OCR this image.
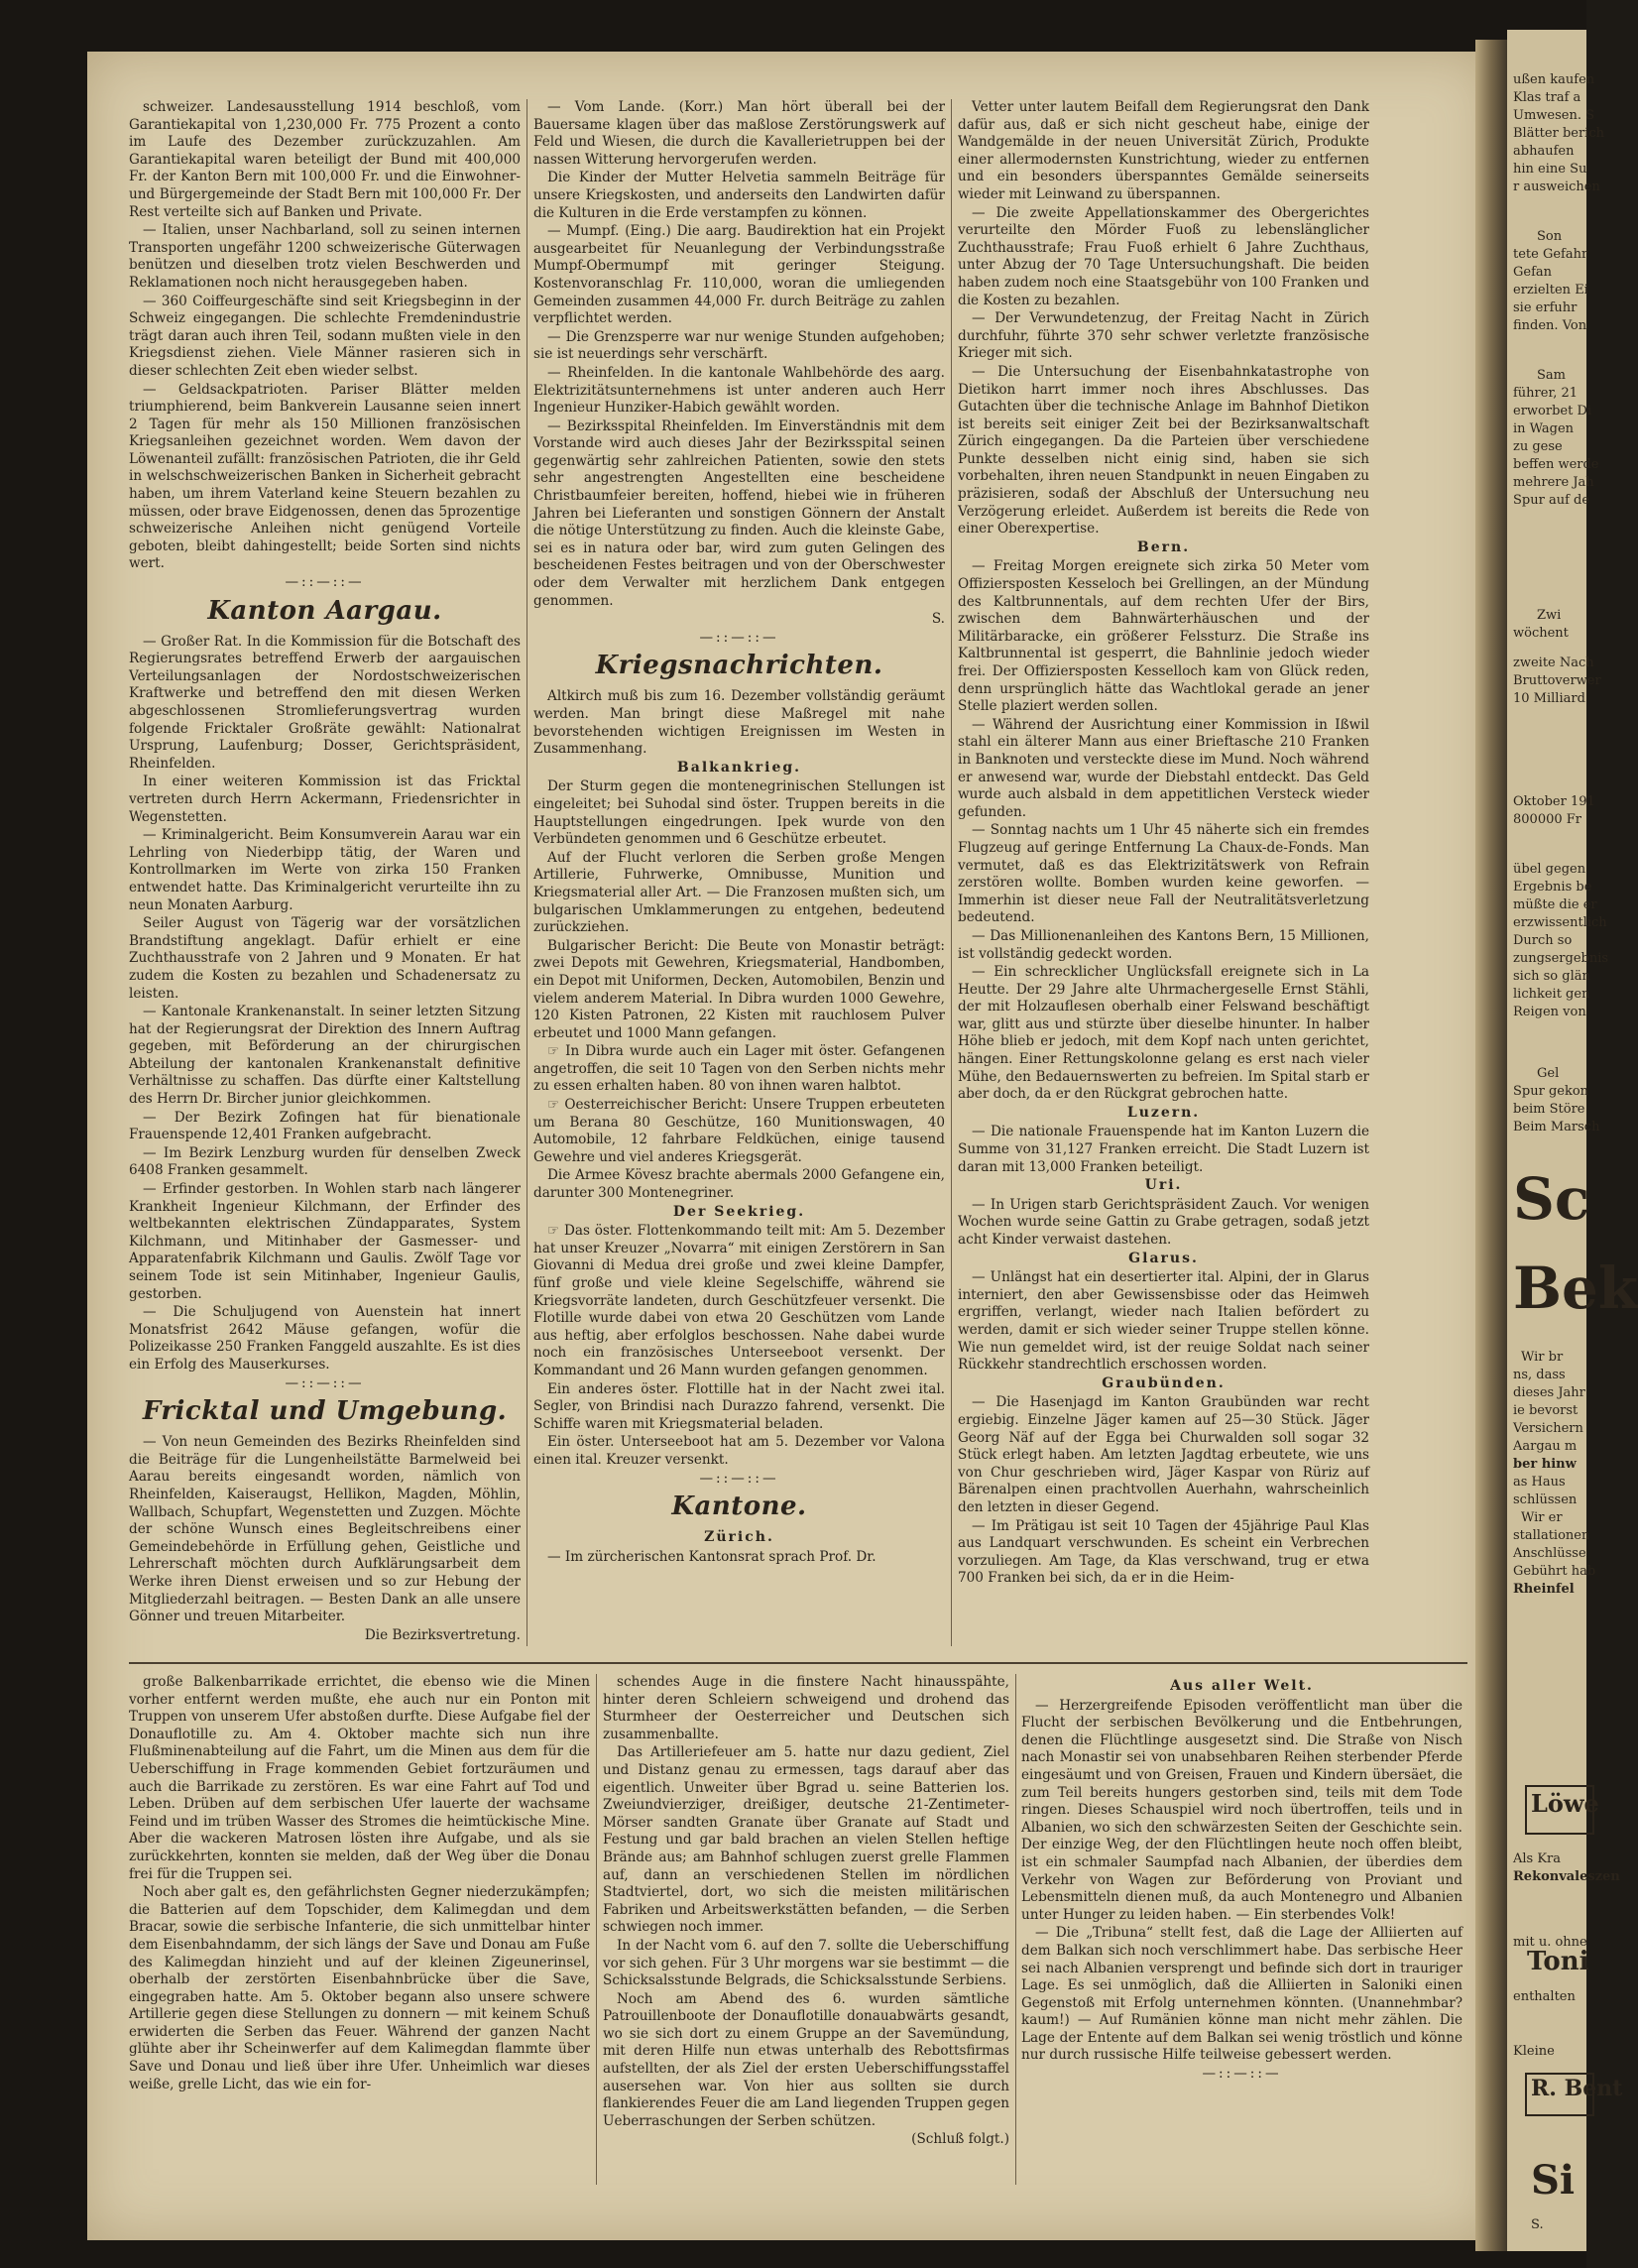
ußen kaufen
Klas traf a
Umwesen. S
Blätter berich
abhaufen
hin eine Su
r ausweichen
Son
tete Gefahr
Gefan
erzielten Ei
sie erfuhr
finden. Von
Sam
führer, 21
erworbet Di
in Wagen
zu gese
beffen werde
mehrere Jah
Spur auf de
Zwi
wöchent
zweite Nach
Bruttoverwer
10 Milliard
Oktober 191
800000 Fr
übel gegen
Ergebnis be
müßte die er
erzwissentlich
Durch so
zungsergebnis
sich so glän
lichkeit gen
Reigen von
Gel
Spur gekon
beim Störe
Beim Marsch
Sc
Bek
Wir br
ns, dass
dieses Jahr
ie bevorst
Versichern
Aargau m
ber hinw
as Haus
schlüssen
Wir er
stallationen
Anschlüsse
Gebührt hab
Rheinfel
Löwe
Als Kra
Rekonvaleszen
mit u. ohne
Toni
enthalten
Kleine
R. Bent
Si
S.

schweizer. Landesausstellung 1914 beschloß, vom Garantiekapital von 1,230,000 Fr. 775 Prozent a conto im Laufe des Dezember zurückzuzahlen. Am Garantiekapital waren beteiligt der Bund mit 400,000 Fr. der Kanton Bern mit 100,000 Fr. und die Einwohner- und Bürgergemeinde der Stadt Bern mit 100,000 Fr. Der Rest verteilte sich auf Banken und Private.

— Italien, unser Nachbarland, soll zu seinen internen Transporten ungefähr 1200 schweizerische Güterwagen benützen und dieselben trotz vielen Beschwerden und Reklamationen noch nicht herausgegeben haben.

— 360 Coiffeurgeschäfte sind seit Kriegsbeginn in der Schweiz eingegangen. Die schlechte Fremdenindustrie trägt daran auch ihren Teil, sodann mußten viele in den Kriegsdienst ziehen. Viele Männer rasieren sich in dieser schlechten Zeit eben wieder selbst.

— Geldsackpatrioten. Pariser Blätter melden triumphierend, beim Bankverein Lausanne seien innert 2 Tagen für mehr als 150 Millionen französischen Kriegsanleihen gezeichnet worden. Wem davon der Löwenanteil zufällt: französischen Patrioten, die ihr Geld in welschschweizerischen Banken in Sicherheit gebracht haben, um ihrem Vaterland keine Steuern bezahlen zu müssen, oder brave Eidgenossen, denen das 5prozentige schweizerische Anleihen nicht genügend Vorteile geboten, bleibt dahingestellt; beide Sorten sind nichts wert.

—::—::—

Kanton Aargau.

— Großer Rat. In die Kommission für die Botschaft des Regierungsrates betreffend Erwerb der aargauischen Verteilungsanlagen der Nordostschweizerischen Kraftwerke und betreffend den mit diesen Werken abgeschlossenen Stromlieferungsvertrag wurden folgende Fricktaler Großräte gewählt: Nationalrat Ursprung, Laufenburg; Dosser, Gerichtspräsident, Rheinfelden.

In einer weiteren Kommission ist das Fricktal vertreten durch Herrn Ackermann, Friedensrichter in Wegenstetten.

— Kriminalgericht. Beim Konsumverein Aarau war ein Lehrling von Niederbipp tätig, der Waren und Kontrollmarken im Werte von zirka 150 Franken entwendet hatte. Das Kriminalgericht verurteilte ihn zu neun Monaten Aarburg.

Seiler August von Tägerig war der vorsätzlichen Brandstiftung angeklagt. Dafür erhielt er eine Zuchthausstrafe von 2 Jahren und 9 Monaten. Er hat zudem die Kosten zu bezahlen und Schadenersatz zu leisten.

— Kantonale Krankenanstalt. In seiner letzten Sitzung hat der Regierungsrat der Direktion des Innern Auftrag gegeben, mit Beförderung an der chirurgischen Abteilung der kantonalen Krankenanstalt definitive Verhältnisse zu schaffen. Das dürfte einer Kaltstellung des Herrn Dr. Bircher junior gleichkommen.

— Der Bezirk Zofingen hat für bienationale Frauenspende 12,401 Franken aufgebracht.

— Im Bezirk Lenzburg wurden für denselben Zweck 6408 Franken gesammelt.

— Erfinder gestorben. In Wohlen starb nach längerer Krankheit Ingenieur Kilchmann, der Erfinder des weltbekannten elektrischen Zündapparates, System Kilchmann, und Mitinhaber der Gasmesser- und Apparatenfabrik Kilchmann und Gaulis. Zwölf Tage vor seinem Tode ist sein Mitinhaber, Ingenieur Gaulis, gestorben.

— Die Schuljugend von Auenstein hat innert Monatsfrist 2642 Mäuse gefangen, wofür die Polizeikasse 250 Franken Fanggeld auszahlte. Es ist dies ein Erfolg des Mauserkurses.

—::—::—

Fricktal und Umgebung.

— Von neun Gemeinden des Bezirks Rheinfelden sind die Beiträge für die Lungenheilstätte Barmelweid bei Aarau bereits eingesandt worden, nämlich von Rheinfelden, Kaiseraugst, Hellikon, Magden, Möhlin, Wallbach, Schupfart, Wegenstetten und Zuzgen. Möchte der schöne Wunsch eines Begleitschreibens einer Gemeindebehörde in Erfüllung gehen, Geistliche und Lehrerschaft möchten durch Aufklärungsarbeit dem Werke ihren Dienst erweisen und so zur Hebung der Mitgliederzahl beitragen. — Besten Dank an alle unsere Gönner und treuen Mitarbeiter.

Die Bezirksvertretung.

— Vom Lande. (Korr.) Man hört überall bei der Bauersame klagen über das maßlose Zerstörungswerk auf Feld und Wiesen, die durch die Kavallerietruppen bei der nassen Witterung hervorgerufen werden.

Die Kinder der Mutter Helvetia sammeln Beiträge für unsere Kriegskosten, und anderseits den Landwirten dafür die Kulturen in die Erde verstampfen zu können.

— Mumpf. (Eing.) Die aarg. Baudirektion hat ein Projekt ausgearbeitet für Neuanlegung der Verbindungsstraße Mumpf-Obermumpf mit geringer Steigung. Kostenvoranschlag Fr. 110,000, woran die umliegenden Gemeinden zusammen 44,000 Fr. durch Beiträge zu zahlen verpflichtet werden.

— Die Grenzsperre war nur wenige Stunden aufgehoben; sie ist neuerdings sehr verschärft.

— Rheinfelden. In die kantonale Wahlbehörde des aarg. Elektrizitätsunternehmens ist unter anderen auch Herr Ingenieur Hunziker-Habich gewählt worden.

— Bezirksspital Rheinfelden. Im Einverständnis mit dem Vorstande wird auch dieses Jahr der Bezirksspital seinen gegenwärtig sehr zahlreichen Patienten, sowie den stets sehr angestrengten Angestellten eine bescheidene Christbaumfeier bereiten, hoffend, hiebei wie in früheren Jahren bei Lieferanten und sonstigen Gönnern der Anstalt die nötige Unterstützung zu finden. Auch die kleinste Gabe, sei es in natura oder bar, wird zum guten Gelingen des bescheidenen Festes beitragen und von der Oberschwester oder dem Verwalter mit herzlichem Dank entgegen genommen.

S.

—::—::—

Kriegsnachrichten.

Altkirch muß bis zum 16. Dezember vollständig geräumt werden. Man bringt diese Maßregel mit nahe bevorstehenden wichtigen Ereignissen im Westen in Zusammenhang.

Balkankrieg.

Der Sturm gegen die montenegrinischen Stellungen ist eingeleitet; bei Suhodal sind öster. Truppen bereits in die Hauptstellungen eingedrungen. Ipek wurde von den Verbündeten genommen und 6 Geschütze erbeutet.

Auf der Flucht verloren die Serben große Mengen Artillerie, Fuhrwerke, Omnibusse, Munition und Kriegsmaterial aller Art. — Die Franzosen mußten sich, um bulgarischen Umklammerungen zu entgehen, bedeutend zurückziehen.

Bulgarischer Bericht: Die Beute von Monastir beträgt: zwei Depots mit Gewehren, Kriegsmaterial, Handbomben, ein Depot mit Uniformen, Decken, Automobilen, Benzin und vielem anderem Material. In Dibra wurden 1000 Gewehre, 120 Kisten Patronen, 22 Kisten mit rauchlosem Pulver erbeutet und 1000 Mann gefangen.

☞ In Dibra wurde auch ein Lager mit öster. Gefangenen angetroffen, die seit 10 Tagen von den Serben nichts mehr zu essen erhalten haben. 80 von ihnen waren halbtot.

☞ Oesterreichischer Bericht: Unsere Truppen erbeuteten um Berana 80 Geschütze, 160 Munitionswagen, 40 Automobile, 12 fahrbare Feldküchen, einige tausend Gewehre und viel anderes Kriegsgerät.

Die Armee Kövesz brachte abermals 2000 Gefangene ein, darunter 300 Montenegriner.

Der Seekrieg.

☞ Das öster. Flottenkommando teilt mit: Am 5. Dezember hat unser Kreuzer „Novarra“ mit einigen Zerstörern in San Giovanni di Medua drei große und zwei kleine Dampfer, fünf große und viele kleine Segelschiffe, während sie Kriegsvorräte landeten, durch Geschützfeuer versenkt. Die Flotille wurde dabei von etwa 20 Geschützen vom Lande aus heftig, aber erfolglos beschossen. Nahe dabei wurde noch ein französisches Unterseeboot versenkt. Der Kommandant und 26 Mann wurden gefangen genommen.

Ein anderes öster. Flottille hat in der Nacht zwei ital. Segler, von Brindisi nach Durazzo fahrend, versenkt. Die Schiffe waren mit Kriegsmaterial beladen.

Ein öster. Unterseeboot hat am 5. Dezember vor Valona einen ital. Kreuzer versenkt.

—::—::—

Kantone.

Zürich.

— Im zürcherischen Kantonsrat sprach Prof. Dr.

Vetter unter lautem Beifall dem Regierungsrat den Dank dafür aus, daß er sich nicht gescheut habe, einige der Wandgemälde in der neuen Universität Zürich, Produkte einer allermodernsten Kunstrichtung, wieder zu entfernen und ein besonders überspanntes Gemälde seinerseits wieder mit Leinwand zu überspannen.

— Die zweite Appellationskammer des Obergerichtes verurteilte den Mörder Fuoß zu lebenslänglicher Zuchthausstrafe; Frau Fuoß erhielt 6 Jahre Zuchthaus, unter Abzug der 70 Tage Untersuchungshaft. Die beiden haben zudem noch eine Staatsgebühr von 100 Franken und die Kosten zu bezahlen.

— Der Verwundetenzug, der Freitag Nacht in Zürich durchfuhr, führte 370 sehr schwer verletzte französische Krieger mit sich.

— Die Untersuchung der Eisenbahnkatastrophe von Dietikon harrt immer noch ihres Abschlusses. Das Gutachten über die technische Anlage im Bahnhof Dietikon ist bereits seit einiger Zeit bei der Bezirksanwaltschaft Zürich eingegangen. Da die Parteien über verschiedene Punkte desselben nicht einig sind, haben sie sich vorbehalten, ihren neuen Standpunkt in neuen Eingaben zu präzisieren, sodaß der Abschluß der Untersuchung neu Verzögerung erleidet. Außerdem ist bereits die Rede von einer Oberexpertise.

Bern.

— Freitag Morgen ereignete sich zirka 50 Meter vom Offiziersposten Kesseloch bei Grellingen, an der Mündung des Kaltbrunnentals, auf dem rechten Ufer der Birs, zwischen dem Bahnwärterhäuschen und der Militärbaracke, ein größerer Felssturz. Die Straße ins Kaltbrunnental ist gesperrt, die Bahnlinie jedoch wieder frei. Der Offiziersposten Kesselloch kam von Glück reden, denn ursprünglich hätte das Wachtlokal gerade an jener Stelle plaziert werden sollen.

— Während der Ausrichtung einer Kommission in Ißwil stahl ein älterer Mann aus einer Brieftasche 210 Franken in Banknoten und versteckte diese im Mund. Noch während er anwesend war, wurde der Diebstahl entdeckt. Das Geld wurde auch alsbald in dem appetitlichen Versteck wieder gefunden.

— Sonntag nachts um 1 Uhr 45 näherte sich ein fremdes Flugzeug auf geringe Entfernung La Chaux-de-Fonds. Man vermutet, daß es das Elektrizitätswerk von Refrain zerstören wollte. Bomben wurden keine geworfen. — Immerhin ist dieser neue Fall der Neutralitätsverletzung bedeutend.

— Das Millionenanleihen des Kantons Bern, 15 Millionen, ist vollständig gedeckt worden.

— Ein schrecklicher Unglücksfall ereignete sich in La Heutte. Der 29 Jahre alte Uhrmachergeselle Ernst Stähli, der mit Holzauflesen oberhalb einer Felswand beschäftigt war, glitt aus und stürzte über dieselbe hinunter. In halber Höhe blieb er jedoch, mit dem Kopf nach unten gerichtet, hängen. Einer Rettungskolonne gelang es erst nach vieler Mühe, den Bedauernswerten zu befreien. Im Spital starb er aber doch, da er den Rückgrat gebrochen hatte.

Luzern.

— Die nationale Frauenspende hat im Kanton Luzern die Summe von 31,127 Franken erreicht. Die Stadt Luzern ist daran mit 13,000 Franken beteiligt.

Uri.

— In Urigen starb Gerichtspräsident Zauch. Vor wenigen Wochen wurde seine Gattin zu Grabe getragen, sodaß jetzt acht Kinder verwaist dastehen.

Glarus.

— Unlängst hat ein desertierter ital. Alpini, der in Glarus interniert, den aber Gewissensbisse oder das Heimweh ergriffen, verlangt, wieder nach Italien befördert zu werden, damit er sich wieder seiner Truppe stellen könne. Wie nun gemeldet wird, ist der reuige Soldat nach seiner Rückkehr standrechtlich erschossen worden.

Graubünden.

— Die Hasenjagd im Kanton Graubünden war recht ergiebig. Einzelne Jäger kamen auf 25—30 Stück. Jäger Georg Näf auf der Egga bei Churwalden soll sogar 32 Stück erlegt haben. Am letzten Jagdtag erbeutete, wie uns von Chur geschrieben wird, Jäger Kaspar von Rüriz auf Bärenalpen einen prachtvollen Auerhahn, wahrscheinlich den letzten in dieser Gegend.

— Im Prätigau ist seit 10 Tagen der 45jährige Paul Klas aus Landquart verschwunden. Es scheint ein Verbrechen vorzuliegen. Am Tage, da Klas verschwand, trug er etwa 700 Franken bei sich, da er in die Heim-

große Balkenbarrikade errichtet, die ebenso wie die Minen vorher entfernt werden mußte, ehe auch nur ein Ponton mit Truppen von unserem Ufer abstoßen durfte. Diese Aufgabe fiel der Donauflotille zu. Am 4. Oktober machte sich nun ihre Flußminenabteilung auf die Fahrt, um die Minen aus dem für die Ueberschiffung in Frage kommenden Gebiet fortzuräumen und auch die Barrikade zu zerstören. Es war eine Fahrt auf Tod und Leben. Drüben auf dem serbischen Ufer lauerte der wachsame Feind und im trüben Wasser des Stromes die heimtückische Mine. Aber die wackeren Matrosen lösten ihre Aufgabe, und als sie zurückkehrten, konnten sie melden, daß der Weg über die Donau frei für die Truppen sei.

Noch aber galt es, den gefährlichsten Gegner niederzukämpfen; die Batterien auf dem Topschider, dem Kalimegdan und dem Bracar, sowie die serbische Infanterie, die sich unmittelbar hinter dem Eisenbahndamm, der sich längs der Save und Donau am Fuße des Kalimegdan hinzieht und auf der kleinen Zigeunerinsel, oberhalb der zerstörten Eisenbahnbrücke über die Save, eingegraben hatte. Am 5. Oktober begann also unsere schwere Artillerie gegen diese Stellungen zu donnern — mit keinem Schuß erwiderten die Serben das Feuer. Während der ganzen Nacht glühte aber ihr Scheinwerfer auf dem Kalimegdan flammte über Save und Donau und ließ über ihre Ufer. Unheimlich war dieses weiße, grelle Licht, das wie ein for-

schendes Auge in die finstere Nacht hinausspähte, hinter deren Schleiern schweigend und drohend das Sturmheer der Oesterreicher und Deutschen sich zusammenballte.

Das Artilleriefeuer am 5. hatte nur dazu gedient, Ziel und Distanz genau zu ermessen, tags darauf aber das eigentlich. Unweiter über Bgrad u. seine Batterien los. Zweiundvierziger, dreißiger, deutsche 21-Zentimeter-Mörser sandten Granate über Granate auf Stadt und Festung und gar bald brachen an vielen Stellen heftige Brände aus; am Bahnhof schlugen zuerst grelle Flammen auf, dann an verschiedenen Stellen im nördlichen Stadtviertel, dort, wo sich die meisten militärischen Fabriken und Arbeitswerkstätten befanden, — die Serben schwiegen noch immer.

In der Nacht vom 6. auf den 7. sollte die Ueberschiffung vor sich gehen. Für 3 Uhr morgens war sie bestimmt — die Schicksalsstunde Belgrads, die Schicksalsstunde Serbiens.

Noch am Abend des 6. wurden sämtliche Patrouillenboote der Donauflotille donauabwärts gesandt, wo sie sich dort zu einem Gruppe an der Savemündung, mit deren Hilfe nun etwas unterhalb des Rebottsfirmas aufstellten, der als Ziel der ersten Ueberschiffungsstaffel ausersehen war. Von hier aus sollten sie durch flankierendes Feuer die am Land liegenden Truppen gegen Ueberraschungen der Serben schützen.

(Schluß folgt.)

Aus aller Welt.

— Herzergreifende Episoden veröffentlicht man über die Flucht der serbischen Bevölkerung und die Entbehrungen, denen die Flüchtlinge ausgesetzt sind. Die Straße von Nisch nach Monastir sei von unabsehbaren Reihen sterbender Pferde eingesäumt und von Greisen, Frauen und Kindern übersäet, die zum Teil bereits hungers gestorben sind, teils mit dem Tode ringen. Dieses Schauspiel wird noch übertroffen, teils und in Albanien, wo sich den schwärzesten Seiten der Geschichte sein. Der einzige Weg, der den Flüchtlingen heute noch offen bleibt, ist ein schmaler Saumpfad nach Albanien, der überdies dem Verkehr von Wagen zur Beförderung von Proviant und Lebensmitteln dienen muß, da auch Montenegro und Albanien unter Hunger zu leiden haben. — Ein sterbendes Volk!

— Die „Tribuna“ stellt fest, daß die Lage der Alliierten auf dem Balkan sich noch verschlimmert habe. Das serbische Heer sei nach Albanien versprengt und befinde sich dort in trauriger Lage. Es sei unmöglich, daß die Alliierten in Saloniki einen Gegenstoß mit Erfolg unternehmen könnten. (Unannehmbar? kaum!) — Auf Rumänien könne man nicht mehr zählen. Die Lage der Entente auf dem Balkan sei wenig tröstlich und könne nur durch russische Hilfe teilweise gebessert werden.

—::—::—
